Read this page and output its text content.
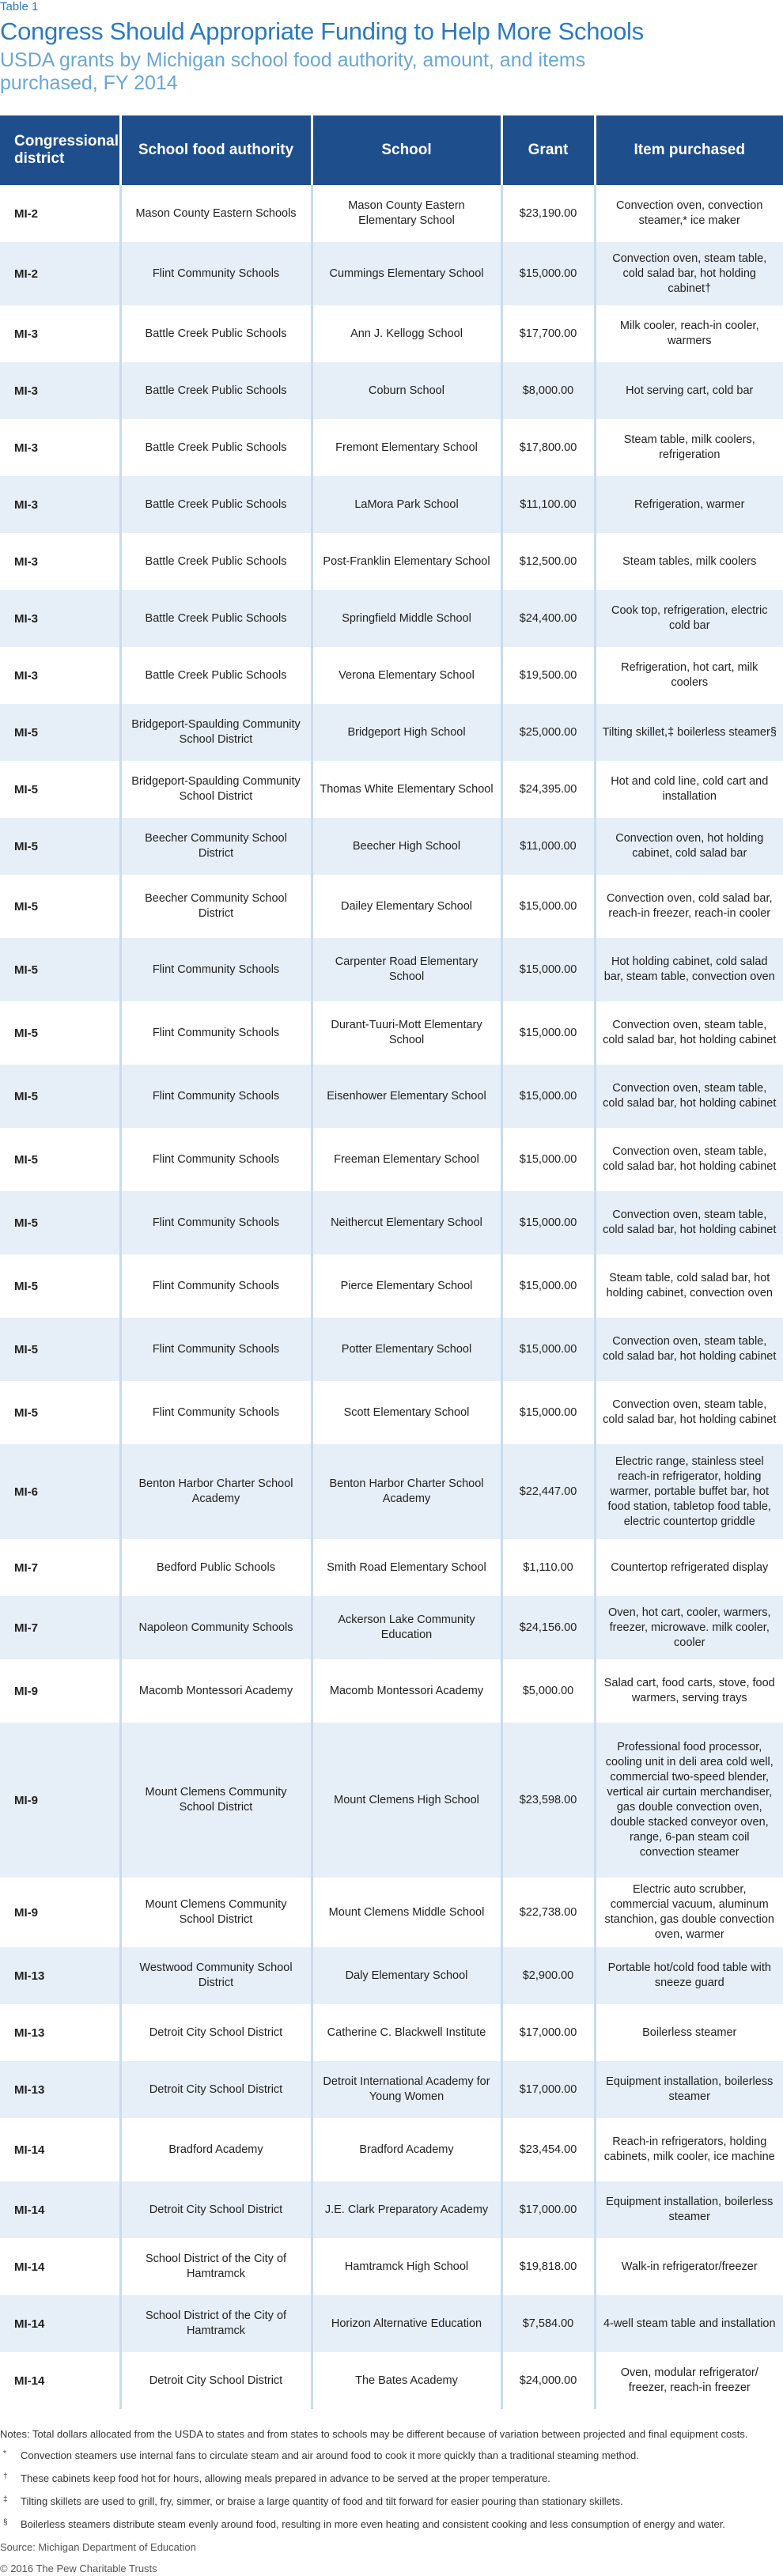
Table 1
Congress Should Appropriate Funding to Help More Schools
USDA grants by Michigan school food authority, amount, and items purchased, FY 2014
Congressional district	School food authority	School	Grant	Item purchased
MI-2	Mason County Eastern Schools	Mason County Eastern Elementary School	$23,190.00	Convection oven, convection steamer,* ice maker
MI-2	Flint Community Schools	Cummings Elementary School	$15,000.00	Convection oven, steam table, cold salad bar, hot holding cabinet†
MI-3	Battle Creek Public Schools	Ann J. Kellogg School	$17,700.00	Milk cooler, reach-in cooler, warmers
MI-3	Battle Creek Public Schools	Coburn School	$8,000.00	Hot serving cart, cold bar
MI-3	Battle Creek Public Schools	Fremont Elementary School	$17,800.00	Steam table, milk coolers, refrigeration
MI-3	Battle Creek Public Schools	LaMora Park School	$11,100.00	Refrigeration, warmer
MI-3	Battle Creek Public Schools	Post-Franklin Elementary School	$12,500.00	Steam tables, milk coolers
MI-3	Battle Creek Public Schools	Springfield Middle School	$24,400.00	Cook top, refrigeration, electric cold bar
MI-3	Battle Creek Public Schools	Verona Elementary School	$19,500.00	Refrigeration, hot cart, milk coolers
MI-5	Bridgeport-Spaulding Community School District	Bridgeport High School	$25,000.00	Tilting skillet,‡ boilerless steamer§
MI-5	Bridgeport-Spaulding Community School District	Thomas White Elementary School	$24,395.00	Hot and cold line, cold cart and installation
MI-5	Beecher Community School District	Beecher High School	$11,000.00	Convection oven, hot holding cabinet, cold salad bar
MI-5	Beecher Community School District	Dailey Elementary School	$15,000.00	Convection oven, cold salad bar, reach-in freezer, reach-in cooler
MI-5	Flint Community Schools	Carpenter Road Elementary School	$15,000.00	Hot holding cabinet, cold salad bar, steam table, convection oven
MI-5	Flint Community Schools	Durant-Tuuri-Mott Elementary School	$15,000.00	Convection oven, steam table, cold salad bar, hot holding cabinet
MI-5	Flint Community Schools	Eisenhower Elementary School	$15,000.00	Convection oven, steam table, cold salad bar, hot holding cabinet
MI-5	Flint Community Schools	Freeman Elementary School	$15,000.00	Convection oven, steam table, cold salad bar, hot holding cabinet
MI-5	Flint Community Schools	Neithercut Elementary School	$15,000.00	Convection oven, steam table, cold salad bar, hot holding cabinet
MI-5	Flint Community Schools	Pierce Elementary School	$15,000.00	Steam table, cold salad bar, hot holding cabinet, convection oven
MI-5	Flint Community Schools	Potter Elementary School	$15,000.00	Convection oven, steam table, cold salad bar, hot holding cabinet
MI-5	Flint Community Schools	Scott Elementary School	$15,000.00	Convection oven, steam table, cold salad bar, hot holding cabinet
MI-6	Benton Harbor Charter School Academy	Benton Harbor Charter School Academy	$22,447.00	Electric range, stainless steel reach-in refrigerator, holding warmer, portable buffet bar, hot food station, tabletop food table, electric countertop griddle
MI-7	Bedford Public Schools	Smith Road Elementary School	$1,110.00	Countertop refrigerated display
MI-7	Napoleon Community Schools	Ackerson Lake Community Education	$24,156.00	Oven, hot cart, cooler, warmers, freezer, microwave. milk cooler, cooler
MI-9	Macomb Montessori Academy	Macomb Montessori Academy	$5,000.00	Salad cart, food carts, stove, food warmers, serving trays
MI-9	Mount Clemens Community School District	Mount Clemens High School	$23,598.00	Professional food processor, cooling unit in deli area cold well, commercial two-speed blender, vertical air curtain merchandiser, gas double convection oven, double stacked conveyor oven, range, 6-pan steam coil convection steamer
MI-9	Mount Clemens Community School District	Mount Clemens Middle School	$22,738.00	Electric auto scrubber, commercial vacuum, aluminum stanchion, gas double convection oven, warmer
MI-13	Westwood Community School District	Daly Elementary School	$2,900.00	Portable hot/cold food table with sneeze guard
MI-13	Detroit City School District	Catherine C. Blackwell Institute	$17,000.00	Boilerless steamer
MI-13	Detroit City School District	Detroit International Academy for Young Women	$17,000.00	Equipment installation, boilerless steamer
MI-14	Bradford Academy	Bradford Academy	$23,454.00	Reach-in refrigerators, holding cabinets, milk cooler, ice machine
MI-14	Detroit City School District	J.E. Clark Preparatory Academy	$17,000.00	Equipment installation, boilerless steamer
MI-14	School District of the City of Hamtramck	Hamtramck High School	$19,818.00	Walk-in refrigerator/freezer
MI-14	School District of the City of Hamtramck	Horizon Alternative Education	$7,584.00	4-well steam table and installation
MI-14	Detroit City School District	The Bates Academy	$24,000.00	Oven, modular refrigerator/ freezer, reach-in freezer

Notes: Total dollars allocated from the USDA to states and from states to schools may be different because of variation between projected and final equipment costs.

* Convection steamers use internal fans to circulate steam and air around food to cook it more quickly than a traditional steaming method.
† These cabinets keep food hot for hours, allowing meals prepared in advance to be served at the proper temperature.
‡ Tilting skillets are used to grill, fry, simmer, or braise a large quantity of food and tilt forward for easier pouring than stationary skillets.
§ Boilerless steamers distribute steam evenly around food, resulting in more even heating and consistent cooking and less consumption of energy and water.
Source: Michigan Department of Education
© 2016 The Pew Charitable Trusts
